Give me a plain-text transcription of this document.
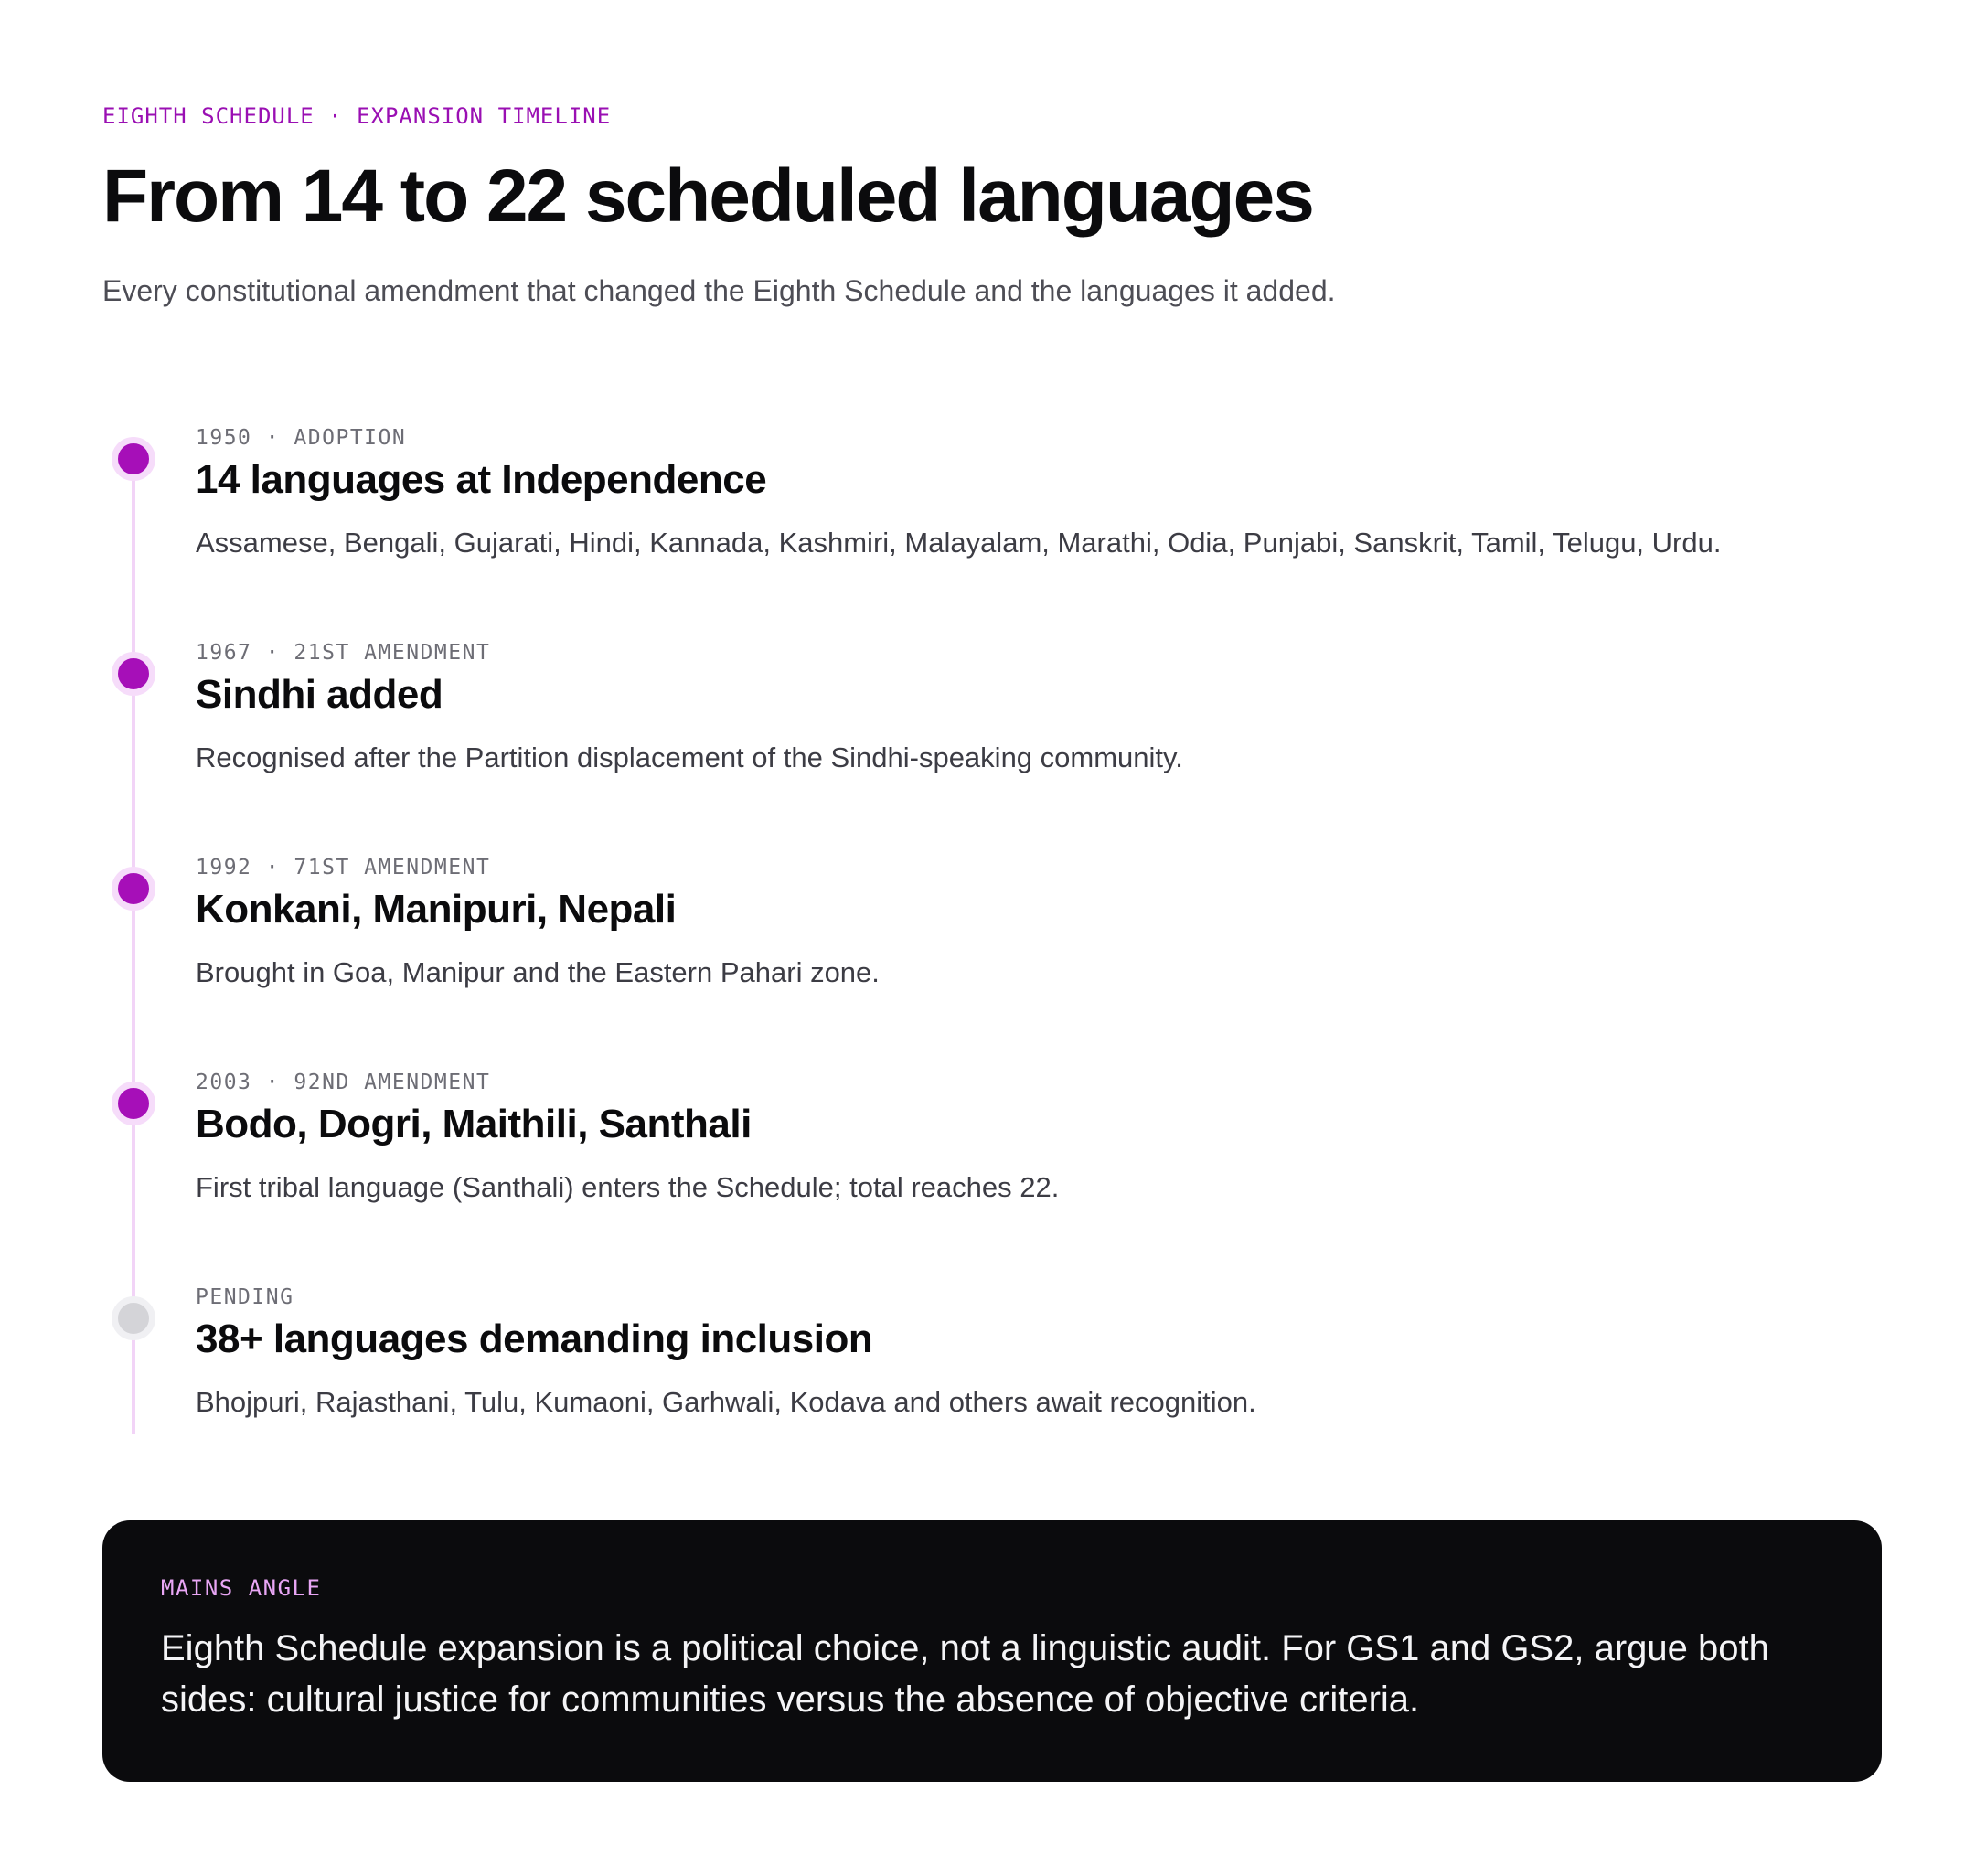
EIGHTH SCHEDULE · EXPANSION TIMELINE
From 14 to 22 scheduled languages

Every constitutional amendment that changed the Eighth Schedule and the languages it added.

1950 · ADOPTION
14 languages at Independence

Assamese, Bengali, Gujarati, Hindi, Kannada, Kashmiri, Malayalam, Marathi, Odia, Punjabi, Sanskrit, Tamil, Telugu, Urdu.

1967 · 21ST AMENDMENT
Sindhi added

Recognised after the Partition displacement of the Sindhi-speaking community.

1992 · 71ST AMENDMENT
Konkani, Manipuri, Nepali

Brought in Goa, Manipur and the Eastern Pahari zone.

2003 · 92ND AMENDMENT
Bodo, Dogri, Maithili, Santhali

First tribal language (Santhali) enters the Schedule; total reaches 22.

PENDING
38+ languages demanding inclusion

Bhojpuri, Rajasthani, Tulu, Kumaoni, Garhwali, Kodava and others await recognition.

MAINS ANGLE

Eighth Schedule expansion is a political choice, not a linguistic audit. For GS1 and GS2, argue both sides: cultural justice for communities versus the absence of objective criteria.
